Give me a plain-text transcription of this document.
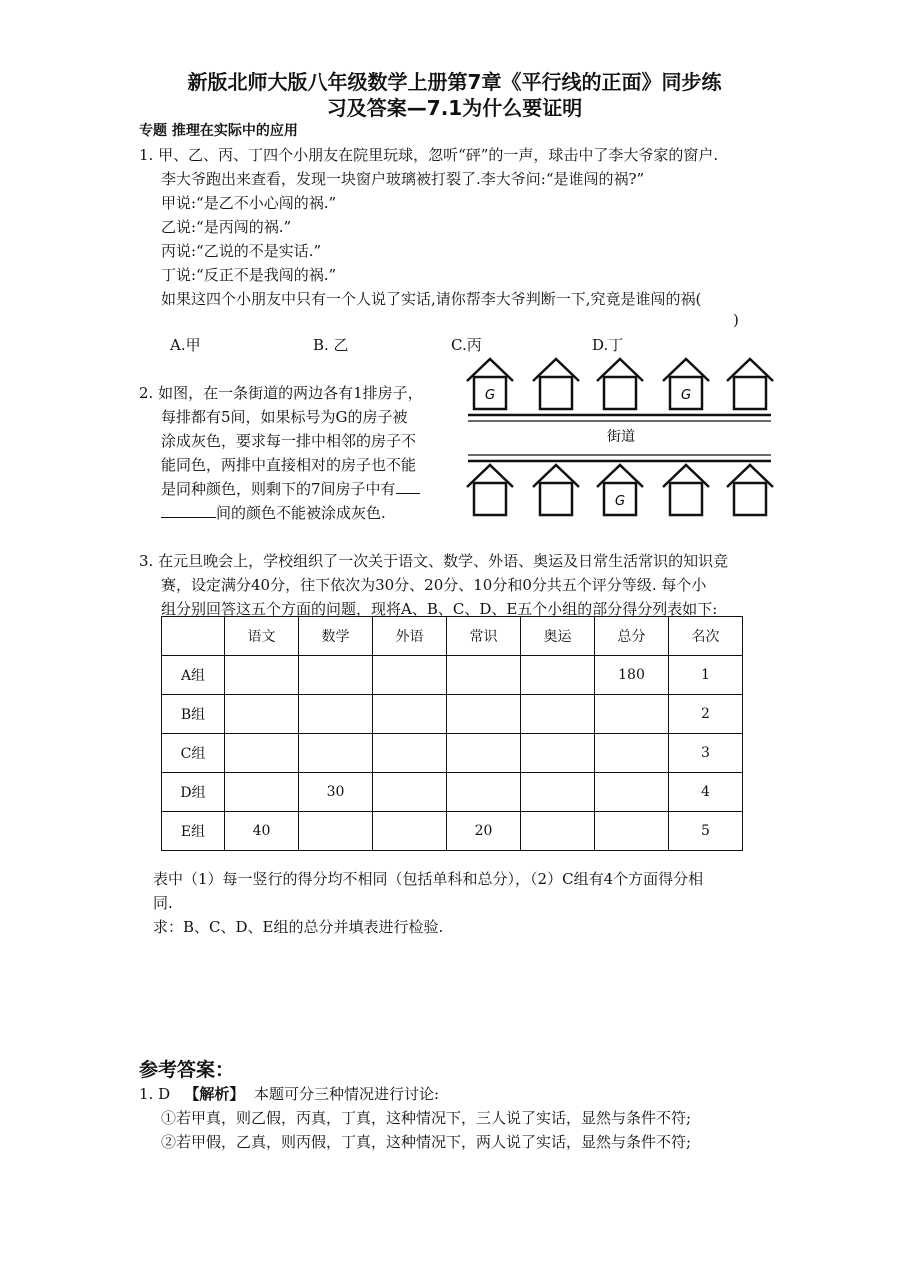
新版北师大版八年级数学上册第7章《平行线的正面》同步练
习及答案—7.1为什么要证明
专题 推理在实际中的应用
1. 甲、乙、丙、丁四个小朋友在院里玩球，忽听“砰”的一声，球击中了李大爷家的窗户.
李大爷跑出来查看，发现一块窗户玻璃被打裂了.李大爷问:“是谁闯的祸?”
甲说:“是乙不小心闯的祸.”
乙说:“是丙闯的祸.”
丙说:“乙说的不是实话.”
丁说:“反正不是我闯的祸.”
如果这四个小朋友中只有一个人说了实话,请你帮李大爷判断一下,究竟是谁闯的祸(
)
A.甲	B. 乙	C.丙	D.丁
2. 如图，在一条街道的两边各有1排房子，
每排都有5间，如果标号为G的房子被
涂成灰色，要求每一排中相邻的房子不
能同色，两排中直接相对的房子也不能
是同种颜色，则剩下的7间房子中有
间的颜色不能被涂成灰色.
G	G
街道
G
3. 在元旦晚会上，学校组织了一次关于语文、数学、外语、奥运及日常生活常识的知识竞
赛，设定满分40分，往下依次为30分、20分、10分和0分共五个评分等级. 每个小
组分别回答这五个方面的问题，现将A、B、C、D、E五个小组的部分得分列表如下:
	语文	数学	外语	常识	奥运	总分	名次
A组						180	1
B组							2
C组							3
D组		30					4
E组	40			20			5
表中（1）每一竖行的得分均不相同（包括单科和总分），（2）C组有4个方面得分相
同.
求：B、C、D、E组的总分并填表进行检验.
参考答案：
1. D 【解析】 本题可分三种情况进行讨论:
①若甲真，则乙假，丙真，丁真，这种情况下，三人说了实话，显然与条件不符;
②若甲假，乙真，则丙假，丁真，这种情况下，两人说了实话，显然与条件不符;
